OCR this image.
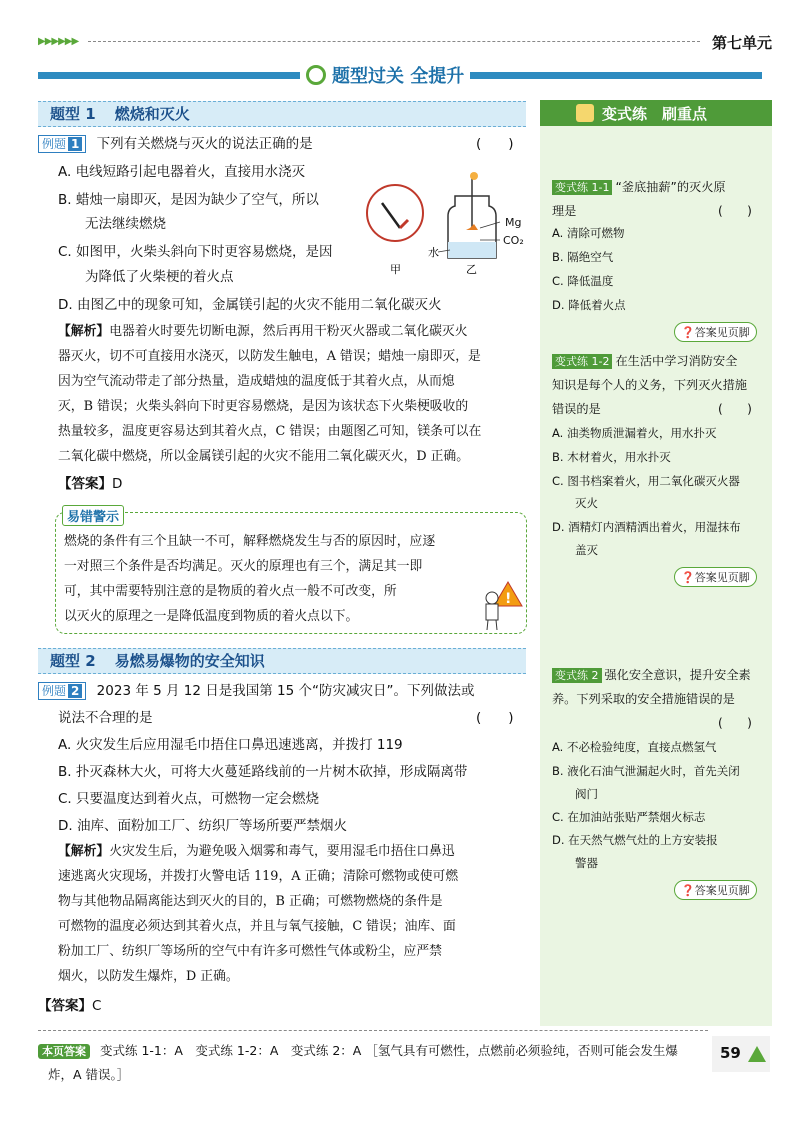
▶▶▶▶▶▶	第七单元
题型过关 全提升
题型 1 燃烧和灭火
例题 1 下列有关燃烧与灭火的说法正确的是	(　　)
A. 电线短路引起电器着火，直接用水浇灭
B. 蜡烛一扇即灭，是因为缺少了空气，所以
　　无法继续燃烧
C. 如图甲，火柴头斜向下时更容易燃烧，是因
　　为降低了火柴梗的着火点
D. 由图乙中的现象可知，金属镁引起的火灾不能用二氧化碳灭火
甲	乙
水
Mg
CO₂
【解析】电器着火时要先切断电源，然后再用干粉灭火器或二氧化碳灭火
器灭火，切不可直接用水浇灭，以防发生触电，A 错误；蜡烛一扇即灭，是
因为空气流动带走了部分热量，造成蜡烛的温度低于其着火点，从而熄
灭，B 错误；火柴头斜向下时更容易燃烧，是因为该状态下火柴梗吸收的
热量较多，温度更容易达到其着火点，C 错误；由题图乙可知，镁条可以在
二氧化碳中燃烧，所以金属镁引起的火灾不能用二氧化碳灭火，D 正确。
【答案】D
易错警示
燃烧的条件有三个且缺一不可，解释燃烧发生与否的原因时，应逐
一对照三个条件是否均满足。灭火的原理也有三个，满足其一即
可，其中需要特别注意的是物质的着火点一般不可改变，所
以灭火的原理之一是降低温度到物质的着火点以下。
!
题型 2 易燃易爆物的安全知识
例题 2 2023 年 5 月 12 日是我国第 15 个“防灾减灾日”。下列做法或
说法不合理的是	(　　)
A. 火灾发生后应用湿毛巾捂住口鼻迅速逃离，并拨打 119
B. 扑灭森林大火，可将大火蔓延路线前的一片树木砍掉，形成隔离带
C. 只要温度达到着火点，可燃物一定会燃烧
D. 油库、面粉加工厂、纺织厂等场所要严禁烟火
【解析】火灾发生后，为避免吸入烟雾和毒气，要用湿毛巾捂住口鼻迅
速逃离火灾现场，并拨打火警电话 119，A 正确；清除可燃物或使可燃
物与其他物品隔离能达到灭火的目的，B 正确；可燃物燃烧的条件是
可燃物的温度必须达到其着火点，并且与氧气接触，C 错误；油库、面
粉加工厂、纺织厂等场所的空气中有许多可燃性气体或粉尘，应严禁
烟火，以防发生爆炸，D 正确。
【答案】C
变式练　刷重点
变式练 1-1 “釜底抽薪”的灭火原
理是	(　　)
A. 清除可燃物
B. 隔绝空气
C. 降低温度
D. 降低着火点
❓答案见页脚
变式练 1-2 在生活中学习消防安全
知识是每个人的义务，下列灭火措施
错误的是	(　　)
A. 油类物质泄漏着火，用水扑灭
B. 木材着火，用水扑灭
C. 图书档案着火，用二氧化碳灭火器
　　灭火
D. 酒精灯内酒精洒出着火，用湿抹布
　　盖灭
❓答案见页脚
变式练 2 强化安全意识，提升安全素
养。下列采取的安全措施错误的是
(　　)
A. 不必检验纯度，直接点燃氢气
B. 液化石油气泄漏起火时，首先关闭
　　阀门
C. 在加油站张贴严禁烟火标志
D. 在天然气燃气灶的上方安装报
　　警器
❓答案见页脚
本页答案 变式练 1-1：A　变式练 1-2：A　变式练 2：A ［氢气具有可燃性，点燃前必须验纯，否则可能会发生爆
炸，A 错误。］
59
